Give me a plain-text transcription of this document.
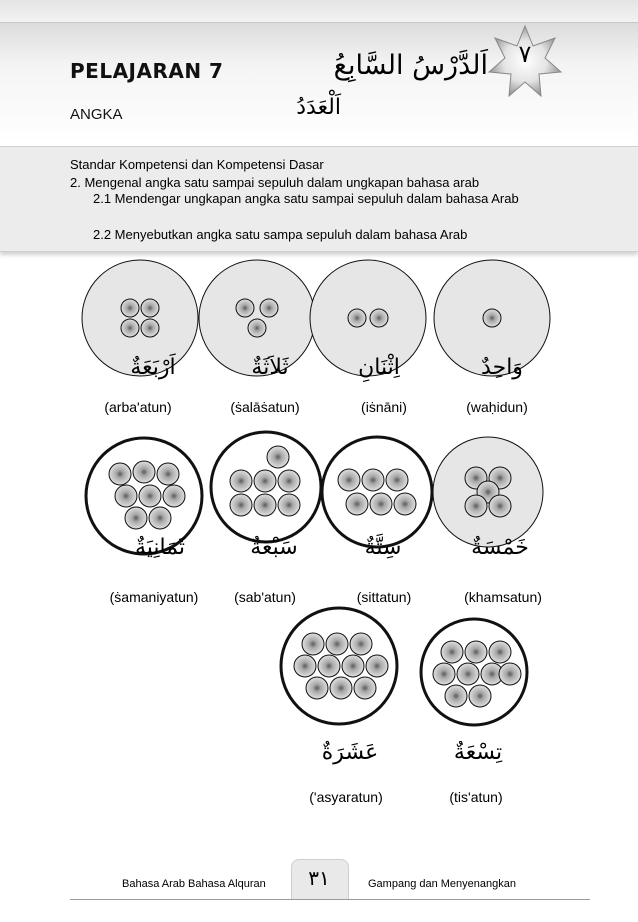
PELAJARAN 7
ANGKA
اَلدَّرْسُ السَّابِعُ
اَلْعَدَدُ
٧
Standar Kompetensi dan Kompetensi Dasar
2. Mengenal angka satu sampai sepuluh dalam ungkapan bahasa arab
2.1 Mendengar ungkapan angka satu sampai sepuluh dalam bahasa Arab
2.2 Menyebutkan angka satu sampa sepuluh dalam bahasa Arab
اَرْبَعَةٌ
(arba'atun)
ثَلاَثَةٌ
(ṡalāṡatun)
اِثْنَانِ
(iṡnāni)
وَاحِدٌ
(waḥidun)
ثَمَانِيَةٌ
(ṡamaniyatun)
سَبْعَةٌ
(sab'atun)
سِتَّةٌ
(sittatun)
خَمْسَةٌ
(khamsatun)
عَشَرَةٌ
('asyaratun)
تِسْعَةٌ
(tis'atun)
٣١
Bahasa Arab Bahasa Alquran	Gampang dan Menyenangkan
